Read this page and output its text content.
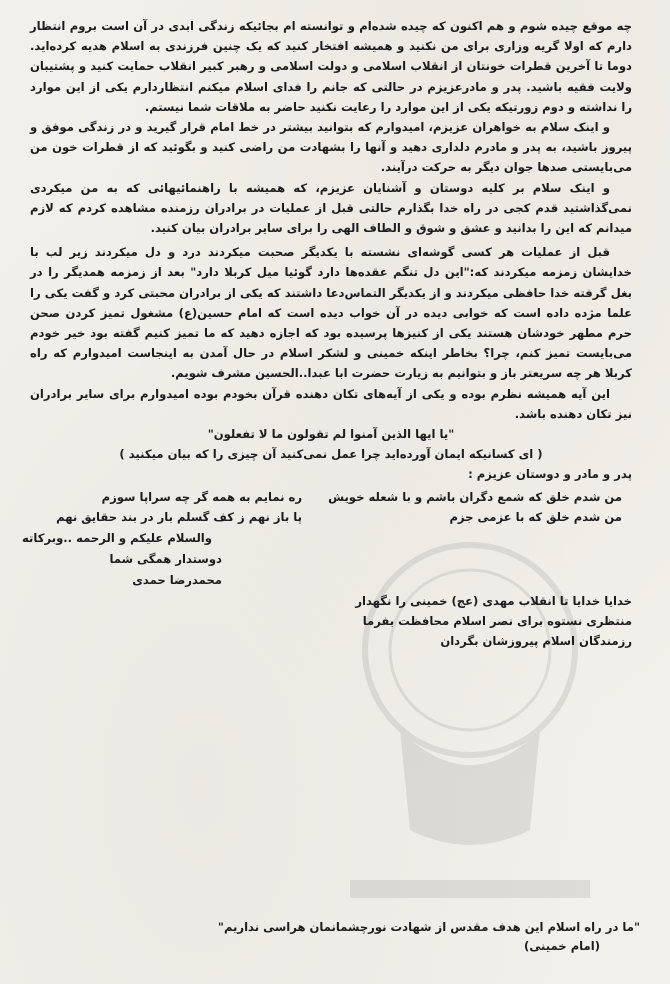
چه موقع چیده شوم و هم اکنون که چیده شده‌ام و توانسته ام بجائیکه زندگی ابدی در آن است بروم انتظار دارم که اولا گریه وزاری برای من نکنید و همیشه افتخار کنید که یک چنین فرزندی به اسلام هدیه کرده‌اید. دوما تا آخرین قطرات خونتان از انقلاب اسلامی و دولت اسلامی و رهبر کبیر انقلاب حمایت کنید و پشتیبان ولایت فقیه باشید. پدر و مادرعزیزم در حالتی که جانم را فدای اسلام میکنم انتظاردارم یکی از این موارد را نداشته و دوم زورتیکه یکی از این موارد را رعایت نکنید حاضر به ملاقات شما نیستم.

و اینک سلام به خواهران عزیزم، امیدوارم که بتوانید بیشتر در خط امام قرار گیرید و در زندگی موفق و پیروز باشید، به پدر و مادرم دلداری دهید و آنها را بشهادت من راضی کنید و بگوئید که از قطرات خون من می‌بایستی صدها جوان دیگر به حرکت درآیند.

و اینک سلام بر کلیه دوستان و آشنایان عزیزم، که همیشه با راهنمائیهائی که به من میکردی نمی‌گذاشتید قدم کجی در راه خدا بگذارم حالتی قبل از عملیات در برادران رزمنده مشاهده کردم که لازم میدانم که این را بدانید و عشق و شوق و الطاف الهی را برای سایر برادران بیان کنید.

قبل از عملیات هر کسی گوشه‌ای نشسته با یکدیگر صحبت میکردند درد و دل میکردند زیر لب با خدایشان زمزمه میکردند که:"این دل تنگم عقده‌ها دارد گوئیا میل کربلا دارد" بعد از زمزمه همدیگر را در بغل گرفته خدا حافظی میکردند و از یکدیگر التماس‌دعا داشتند که یکی از برادران محبتی کرد و گفت یکی را علما مژده داده است که خوابی دیده در آن خواب دیده است که امام حسین(ع) مشغول تمیز کردن صحن حرم مطهر خودشان هستند یکی از کنیزها پرسیده بود که اجازه دهید که ما تمیز کنیم گفته بود خیر خودم می‌بایست تمیز کنم، چرا؟ بخاطر اینکه خمینی و لشکر اسلام در حال آمدن به اینجاست امیدوارم که راه کربلا هر چه سریعتر باز و بتوانیم به زیارت حضرت ابا عبدا..الحسین مشرف شویم.

این آیه همیشه نظرم بوده و یکی از آیه‌های تکان دهنده قرآن بخودم بوده امیدوارم برای سایر برادران نیز تکان دهنده باشد.

"یا ایها الذین آمنوا لم تقولون ما لا تفعلون"

( ای کسانیکه ایمان آورده‌اید چرا عمل نمی‌کنید آن چیزی را که بیان میکنید )

پدر و مادر و دوستان عزیزم :

من شدم خلق که شمع دگران باشم و با شعله خویش
ره نمایم به همه گر چه سراپا سوزم
من شدم خلق که با عزمی جزم
پا باز نهم ز کف گسلم بار در بند حقایق نهم
والسلام علیکم و الرحمه ..وبرکاته
دوستدار همگی شما
محمدرضا حمدی

خدایا خدایا تا انقلاب مهدی (عج) خمینی را نگهدار

منتظری نستوه برای نصر اسلام محافظت بفرما

رزمندگان اسلام پیروزشان بگردان

"ما در راه اسلام این هدف مقدس از شهادت نورچشمانمان هراسی نداریم"
(امام خمینی)
